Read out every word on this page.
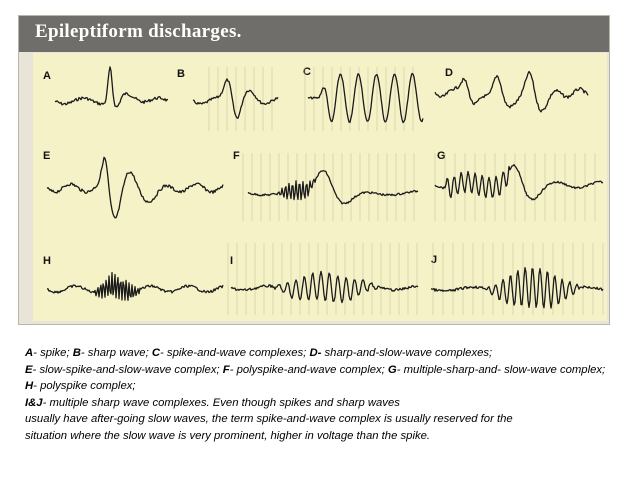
Epileptiform discharges.
A	B	C	D
E	F	G
H	I	J
A- spike; B- sharp wave; C- spike-and-wave complexes; D- sharp-and-slow-wave complexes;
E- slow-spike-and-slow-wave complex; F- polyspike-and-wave complex; G- multiple-sharp-and- slow-wave complex; H- polyspike complex;
I&J- multiple sharp wave complexes. Even though spikes and sharp waves
usually have after-going slow waves, the term spike-and-wave complex is usually reserved for the
situation where the slow wave is very prominent, higher in voltage than the spike.
